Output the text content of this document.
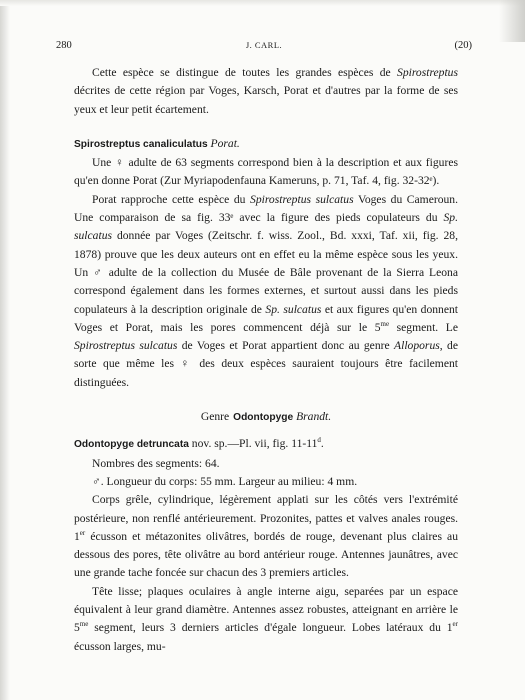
280	J. CARL.	(20)

Cette espèce se distingue de toutes les grandes espèces de Spirostreptus décrites de cette région par Voges, Karsch, Porat et d'autres par la forme de ses yeux et leur petit écartement.

Spirostreptus canaliculatus Porat.

Une ♀ adulte de 63 segments correspond bien à la description et aux figures qu'en donne Porat (Zur Myriapodenfauna Kameruns, p. 71, Taf. 4, fig. 32-32ᵉ).

Porat rapproche cette espèce du Spirostreptus sulcatus Voges du Cameroun. Une comparaison de sa fig. 33ᵉ avec la figure des pieds copulateurs du Sp. sulcatus donnée par Voges (Zeitschr. f. wiss. Zool., Bd. xxxi, Taf. xii, fig. 28, 1878) prouve que les deux auteurs ont en effet eu la même espèce sous les yeux. Un ♂ adulte de la collection du Musée de Bâle provenant de la Sierra Leona correspond également dans les formes externes, et surtout aussi dans les pieds copulateurs à la description originale de Sp. sulcatus et aux figures qu'en donnent Voges et Porat, mais les pores commencent déjà sur le $5^{me}$ segment. Le Spirostreptus sulcatus de Voges et Porat appartient donc au genre Alloporus, de sorte que même les ♀ des deux espèces sauraient toujours être facilement distinguées.

Genre Odontopyge Brandt.

Odontopyge detruncata nov. sp.—Pl. vii, fig. 11-11$^d$.

Nombres des segments: 64.

♂. Longueur du corps: 55 mm. Largeur au milieu: 4 mm.

Corps grêle, cylindrique, légèrement applati sur les côtés vers l'extrémité postérieure, non renflé antérieurement. Prozonites, pattes et valves anales rouges. 1er écusson et métazonites olivâtres, bordés de rouge, devenant plus claires au dessous des pores, tête olivâtre au bord antérieur rouge. Antennes jaunâtres, avec une grande tache foncée sur chacun des 3 premiers articles.

Tête lisse; plaques oculaires à angle interne aigu, separées par un espace équivalent à leur grand diamètre. Antennes assez robustes, atteignant en arrière le $5^{me}$ segment, leurs 3 derniers articles d'égale longueur. Lobes latéraux du 1er écusson larges, mu-
